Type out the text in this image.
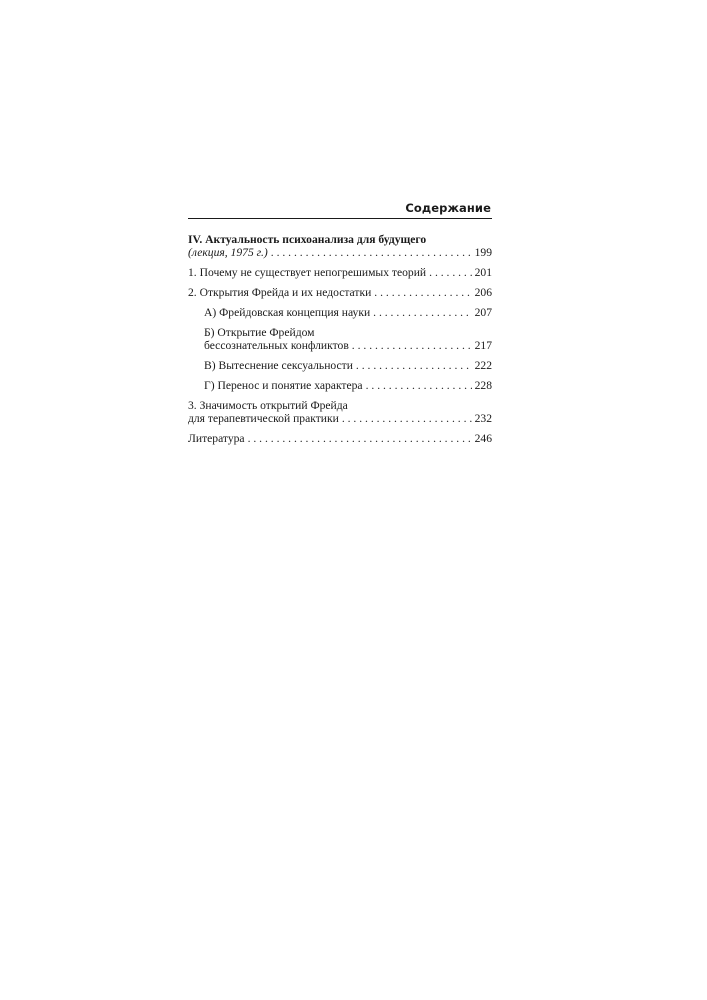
Содержание
IV. Актуальность психоанализа для будущего
(лекция, 1975 г.) . . .	199
1. Почему не существует непогрешимых теорий . . .	201
2. Открытия Фрейда и их недостатки . . .	206
А) Фрейдовская концепция науки . . .	207
Б) Открытие Фрейдом
бессознательных конфликтов . . .	217
В) Вытеснение сексуальности . . .	222
Г) Перенос и понятие характера . . .	228
3. Значимость открытий Фрейда
для терапевтической практики . . .	232
Литература . . .	246
